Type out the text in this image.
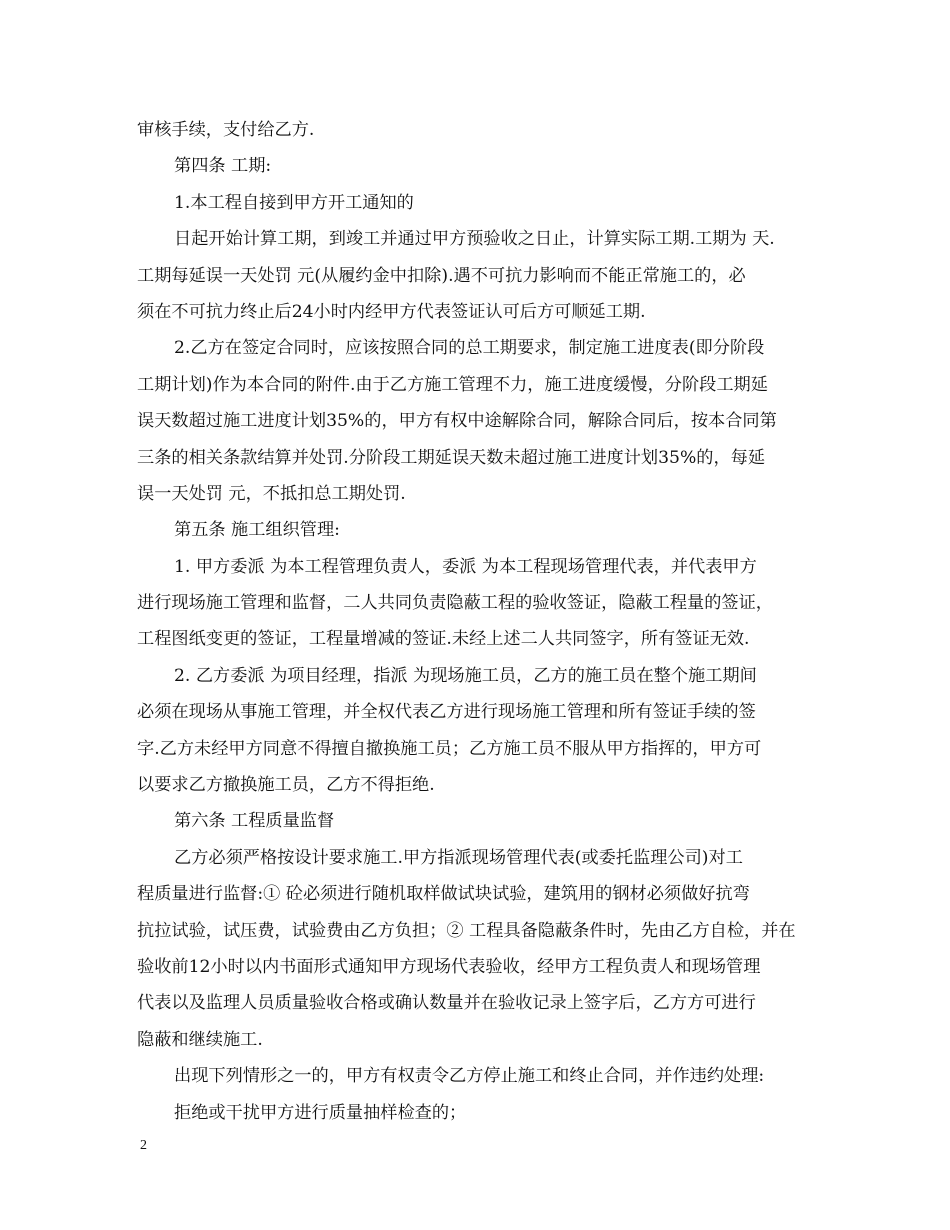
审核手续，支付给乙方.
第四条 工期:
1.本工程自接到甲方开工通知的
日起开始计算工期，到竣工并通过甲方预验收之日止，计算实际工期.工期为 天.
工期每延误一天处罚 元(从履约金中扣除).遇不可抗力影响而不能正常施工的，必
须在不可抗力终止后24小时内经甲方代表签证认可后方可顺延工期.
2.乙方在签定合同时，应该按照合同的总工期要求，制定施工进度表(即分阶段
工期计划)作为本合同的附件.由于乙方施工管理不力，施工进度缓慢，分阶段工期延
误天数超过施工进度计划35%的，甲方有权中途解除合同，解除合同后，按本合同第
三条的相关条款结算并处罚.分阶段工期延误天数未超过施工进度计划35%的，每延
误一天处罚 元，不抵扣总工期处罚.
第五条 施工组织管理:
1. 甲方委派 为本工程管理负责人，委派 为本工程现场管理代表，并代表甲方
进行现场施工管理和监督，二人共同负责隐蔽工程的验收签证，隐蔽工程量的签证，
工程图纸变更的签证，工程量增减的签证.未经上述二人共同签字，所有签证无效.
2. 乙方委派 为项目经理，指派 为现场施工员，乙方的施工员在整个施工期间
必须在现场从事施工管理，并全权代表乙方进行现场施工管理和所有签证手续的签
字.乙方未经甲方同意不得擅自撤换施工员；乙方施工员不服从甲方指挥的，甲方可
以要求乙方撤换施工员，乙方不得拒绝.
第六条 工程质量监督
乙方必须严格按设计要求施工.甲方指派现场管理代表(或委托监理公司)对工
程质量进行监督:① 砼必须进行随机取样做试块试验，建筑用的钢材必须做好抗弯
抗拉试验，试压费，试验费由乙方负担；② 工程具备隐蔽条件时，先由乙方自检，并在
验收前12小时以内书面形式通知甲方现场代表验收，经甲方工程负责人和现场管理
代表以及监理人员质量验收合格或确认数量并在验收记录上签字后，乙方方可进行
隐蔽和继续施工.
出现下列情形之一的，甲方有权责令乙方停止施工和终止合同，并作违约处理:
拒绝或干扰甲方进行质量抽样检查的；
2
